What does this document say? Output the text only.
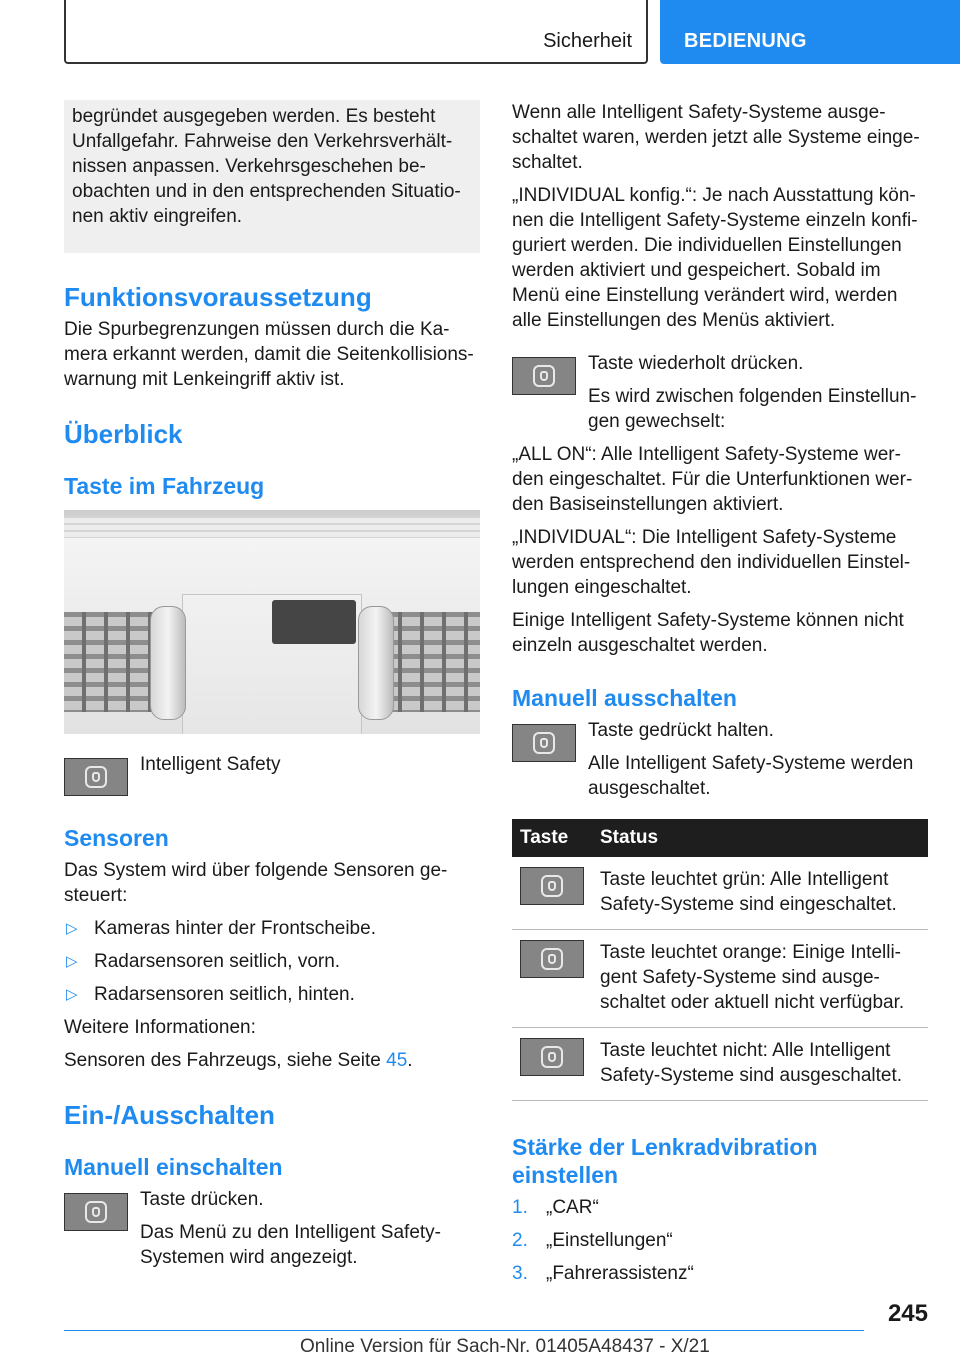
Sicherheit	BEDIENUNG

begründet ausgegeben werden. Es besteht

Unfallgefahr. Fahrweise den Verkehrsverhält-

nissen anpassen. Verkehrsgeschehen be-

obachten und in den entsprechenden Situatio-

nen aktiv eingreifen.

Funktionsvoraussetzung

Die Spurbegrenzungen müssen durch die Ka-mera erkannt werden, damit die Seitenkollisions-warnung mit Lenkeingriff aktiv ist.

Überblick
Taste im Fahrzeug

Intelligent Safety

Sensoren

Das System wird über folgende Sensoren ge-steuert:

▷ Kameras hinter der Frontscheibe.
▷ Radarsensoren seitlich, vorn.
▷ Radarsensoren seitlich, hinten.

Weitere Informationen:

Sensoren des Fahrzeugs, siehe Seite 45.

Ein-/Ausschalten
Manuell einschalten

Taste drücken.

Das Menü zu den Intelligent Safety-Systemen wird angezeigt.

Wenn alle Intelligent Safety-Systeme ausge-schaltet waren, werden jetzt alle Systeme einge-schaltet.

„INDIVIDUAL konfig.“: Je nach Ausstattung kön-nen die Intelligent Safety-Systeme einzeln konfi-guriert werden. Die individuellen Einstellungen werden aktiviert und gespeichert. Sobald im Menü eine Einstellung verändert wird, werden alle Einstellungen des Menüs aktiviert.

Taste wiederholt drücken.

Es wird zwischen folgenden Einstellun-gen gewechselt:

„ALL ON“: Alle Intelligent Safety-Systeme wer-den eingeschaltet. Für die Unterfunktionen wer-den Basiseinstellungen aktiviert.

„INDIVIDUAL“: Die Intelligent Safety-Systeme werden entsprechend den individuellen Einstel-lungen eingeschaltet.

Einige Intelligent Safety-Systeme können nicht einzeln ausgeschaltet werden.

Manuell ausschalten

Taste gedrückt halten.

Alle Intelligent Safety-Systeme werden ausgeschaltet.

Taste	Status

	Taste leuchtet grün: Alle Intelligent Safety-Systeme sind eingeschaltet.

	Taste leuchtet orange: Einige Intelli-gent Safety-Systeme sind ausge-schaltet oder aktuell nicht verfügbar.

	Taste leuchtet nicht: Alle Intelligent Safety-Systeme sind ausgeschaltet.
Stärke der Lenkradvibration einstellen
1. „CAR“
2. „Einstellungen“
3. „Fahrerassistenz“
245
Online Version für Sach-Nr. 01405A48437 - X/21
